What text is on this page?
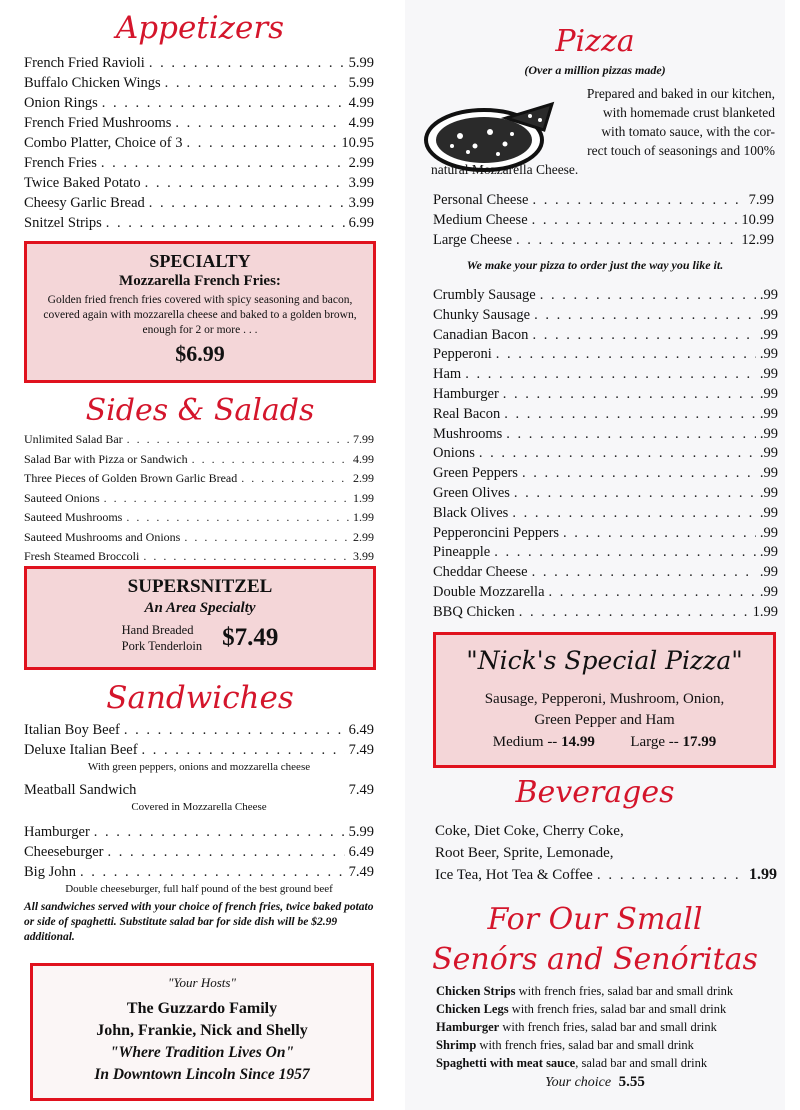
Appetizers
French Fried Ravioli . . .	5.99
Buffalo Chicken Wings . . .	5.99
Onion Rings . . .	4.99
French Fried Mushrooms . . .	4.99
Combo Platter, Choice of 3 . . .	10.95
French Fries . . .	2.99
Twice Baked Potato . . .	3.99
Cheesy Garlic Bread . . .	3.99
Snitzel Strips . . .	6.99
SPECIALTY
Mozzarella French Fries:
Golden fried french fries covered with spicy seasoning and bacon, covered again with mozzarella cheese and baked to a golden brown, enough for 2 or more . . .
$6.99
Sides & Salads
Unlimited Salad Bar . . .	7.99
Salad Bar with Pizza or Sandwich . . .	4.99
Three Pieces of Golden Brown Garlic Bread . . .	2.99
Sauteed Onions . . .	1.99
Sauteed Mushrooms . . .	1.99
Sauteed Mushrooms and Onions . . .	2.99
Fresh Steamed Broccoli . . .	3.99
SUPERSNITZEL
An Area Specialty
Hand Breaded
Pork Tenderloin $7.49
Sandwiches
Italian Boy Beef . . .	6.49
Deluxe Italian Beef . . .	7.49
With green peppers, onions and mozzarella cheese
Meatball Sandwich	7.49
Covered in Mozzarella Cheese
Hamburger . . .	5.99
Cheeseburger . . .	6.49
Big John . . .	7.49
Double cheeseburger, full half pound of the best ground beef
All sandwiches served with your choice of french fries, twice baked potato or side of spaghetti. Substitute salad bar for side dish will be $2.99 additional.
"Your Hosts"
The Guzzardo Family
John, Frankie, Nick and Shelly
"Where Tradition Lives On"
In Downtown Lincoln Since 1957
Pizza
(Over a million pizzas made)
Prepared and baked in our kitchen,
with homemade crust blanketed
with tomato sauce, with the cor-
rect touch of seasonings and 100%
natural Mozzarella Cheese.
Personal Cheese . . .	7.99
Medium Cheese . . .	10.99
Large Cheese . . .	12.99
We make your pizza to order just the way you like it.
Crumbly Sausage . . .	.99
Chunky Sausage . . .	.99
Canadian Bacon . . .	.99
Pepperoni . . .	.99
Ham . . .	.99
Hamburger . . .	.99
Real Bacon . . .	.99
Mushrooms . . .	.99
Onions . . .	.99
Green Peppers . . .	.99
Green Olives . . .	.99
Black Olives . . .	.99
Pepperoncini Peppers . . .	.99
Pineapple . . .	.99
Cheddar Cheese . . .	.99
Double Mozzarella . . .	.99
BBQ Chicken . . .	1.99
"Nick's Special Pizza"
Sausage, Pepperoni, Mushroom, Onion,
Green Pepper and Ham
Medium -- 14.99 Large -- 17.99
Beverages
Coke, Diet Coke, Cherry Coke,
Root Beer, Sprite, Lemonade,
Ice Tea, Hot Tea & Coffee . . .	1.99
For Our Small
Senórs and Senóritas
Chicken Strips with french fries, salad bar and small drink
Chicken Legs with french fries, salad bar and small drink
Hamburger with french fries, salad bar and small drink
Shrimp with french fries, salad bar and small drink
Spaghetti with meat sauce, salad bar and small drink
Your choice 5.55
